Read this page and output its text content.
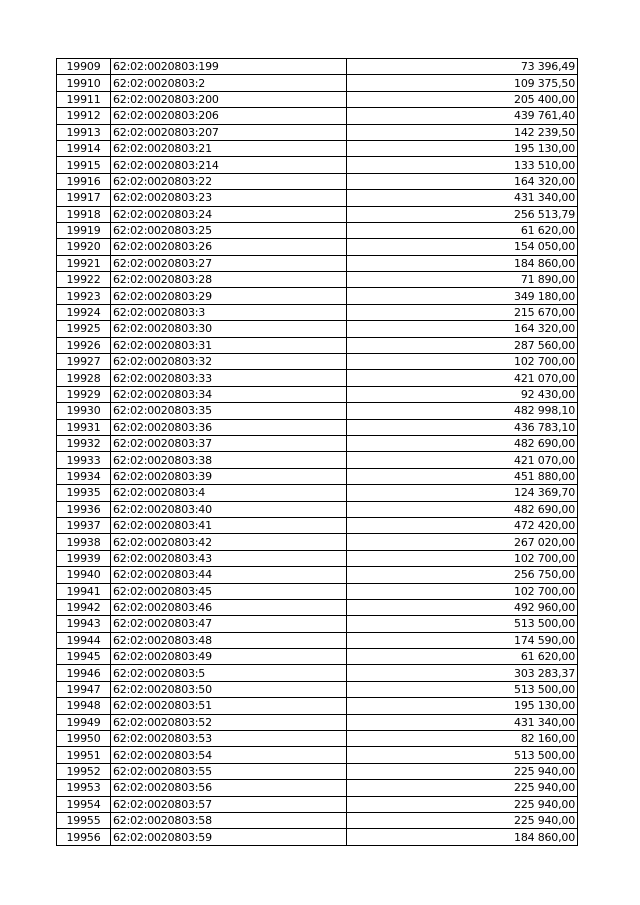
19909	62:02:0020803:199	73 396,49
19910	62:02:0020803:2	109 375,50
19911	62:02:0020803:200	205 400,00
19912	62:02:0020803:206	439 761,40
19913	62:02:0020803:207	142 239,50
19914	62:02:0020803:21	195 130,00
19915	62:02:0020803:214	133 510,00
19916	62:02:0020803:22	164 320,00
19917	62:02:0020803:23	431 340,00
19918	62:02:0020803:24	256 513,79
19919	62:02:0020803:25	61 620,00
19920	62:02:0020803:26	154 050,00
19921	62:02:0020803:27	184 860,00
19922	62:02:0020803:28	71 890,00
19923	62:02:0020803:29	349 180,00
19924	62:02:0020803:3	215 670,00
19925	62:02:0020803:30	164 320,00
19926	62:02:0020803:31	287 560,00
19927	62:02:0020803:32	102 700,00
19928	62:02:0020803:33	421 070,00
19929	62:02:0020803:34	92 430,00
19930	62:02:0020803:35	482 998,10
19931	62:02:0020803:36	436 783,10
19932	62:02:0020803:37	482 690,00
19933	62:02:0020803:38	421 070,00
19934	62:02:0020803:39	451 880,00
19935	62:02:0020803:4	124 369,70
19936	62:02:0020803:40	482 690,00
19937	62:02:0020803:41	472 420,00
19938	62:02:0020803:42	267 020,00
19939	62:02:0020803:43	102 700,00
19940	62:02:0020803:44	256 750,00
19941	62:02:0020803:45	102 700,00
19942	62:02:0020803:46	492 960,00
19943	62:02:0020803:47	513 500,00
19944	62:02:0020803:48	174 590,00
19945	62:02:0020803:49	61 620,00
19946	62:02:0020803:5	303 283,37
19947	62:02:0020803:50	513 500,00
19948	62:02:0020803:51	195 130,00
19949	62:02:0020803:52	431 340,00
19950	62:02:0020803:53	82 160,00
19951	62:02:0020803:54	513 500,00
19952	62:02:0020803:55	225 940,00
19953	62:02:0020803:56	225 940,00
19954	62:02:0020803:57	225 940,00
19955	62:02:0020803:58	225 940,00
19956	62:02:0020803:59	184 860,00
